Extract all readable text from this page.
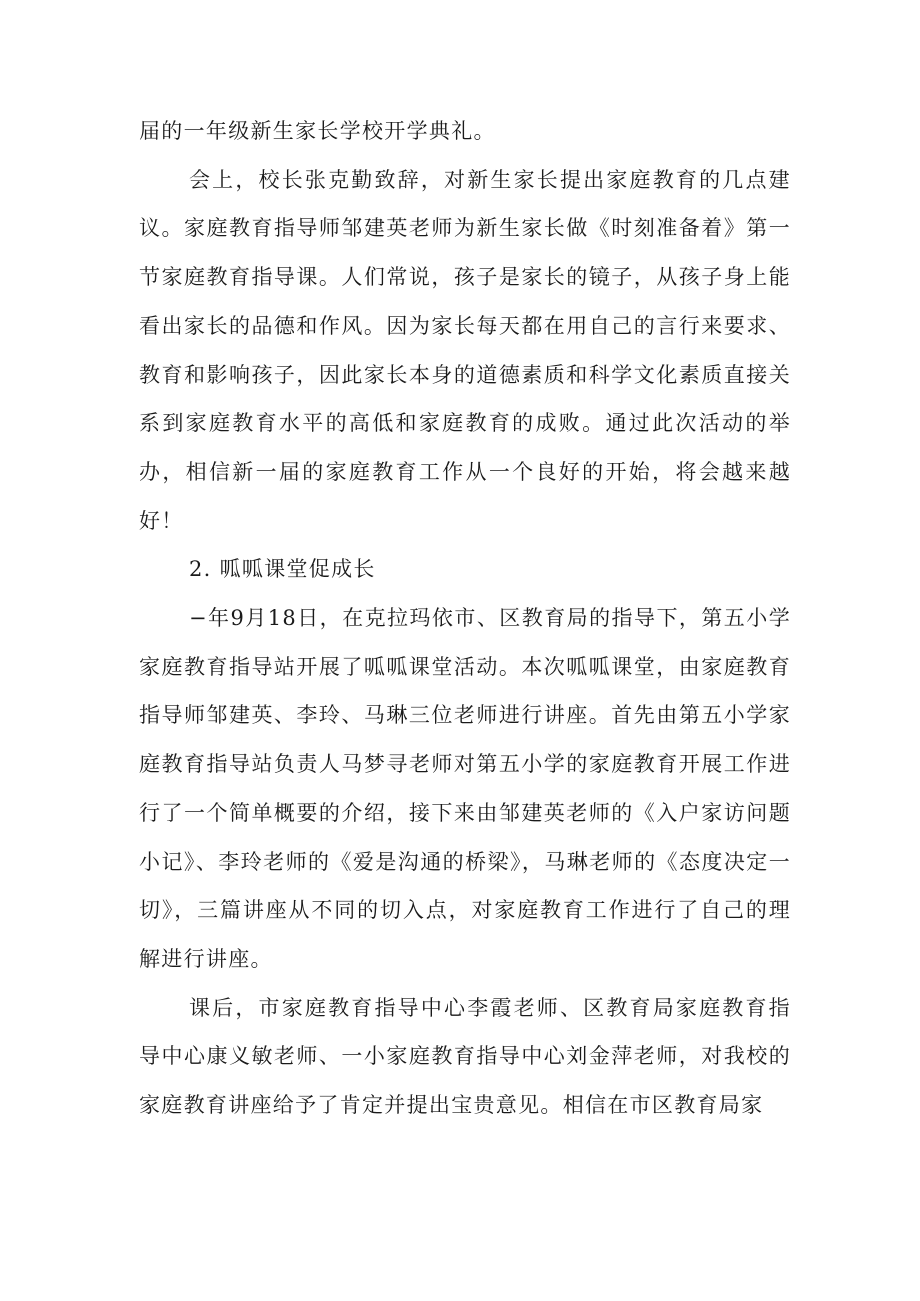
届的一年级新生家长学校开学典礼。

会上，校长张克勤致辞，对新生家长提出家庭教育的几点建议。家庭教育指导师邹建英老师为新生家长做《时刻准备着》第一节家庭教育指导课。人们常说，孩子是家长的镜子，从孩子身上能看出家长的品德和作风。因为家长每天都在用自己的言行来要求、教育和影响孩子，因此家长本身的道德素质和科学文化素质直接关系到家庭教育水平的高低和家庭教育的成败。通过此次活动的举办，相信新一届的家庭教育工作从一个良好的开始，将会越来越好！

2. 呱呱课堂促成长

−年9月18日，在克拉玛依市、区教育局的指导下，第五小学家庭教育指导站开展了呱呱课堂活动。本次呱呱课堂，由家庭教育指导师邹建英、李玲、马琳三位老师进行讲座。首先由第五小学家庭教育指导站负责人马梦寻老师对第五小学的家庭教育开展工作进行了一个简单概要的介绍，接下来由邹建英老师的《入户家访问题小记》、李玲老师的《爱是沟通的桥梁》，马琳老师的《态度决定一切》，三篇讲座从不同的切入点，对家庭教育工作进行了自己的理解进行讲座。

课后，市家庭教育指导中心李霞老师、区教育局家庭教育指导中心康义敏老师、一小家庭教育指导中心刘金萍老师，对我校的家庭教育讲座给予了肯定并提出宝贵意见。相信在市区教育局家
